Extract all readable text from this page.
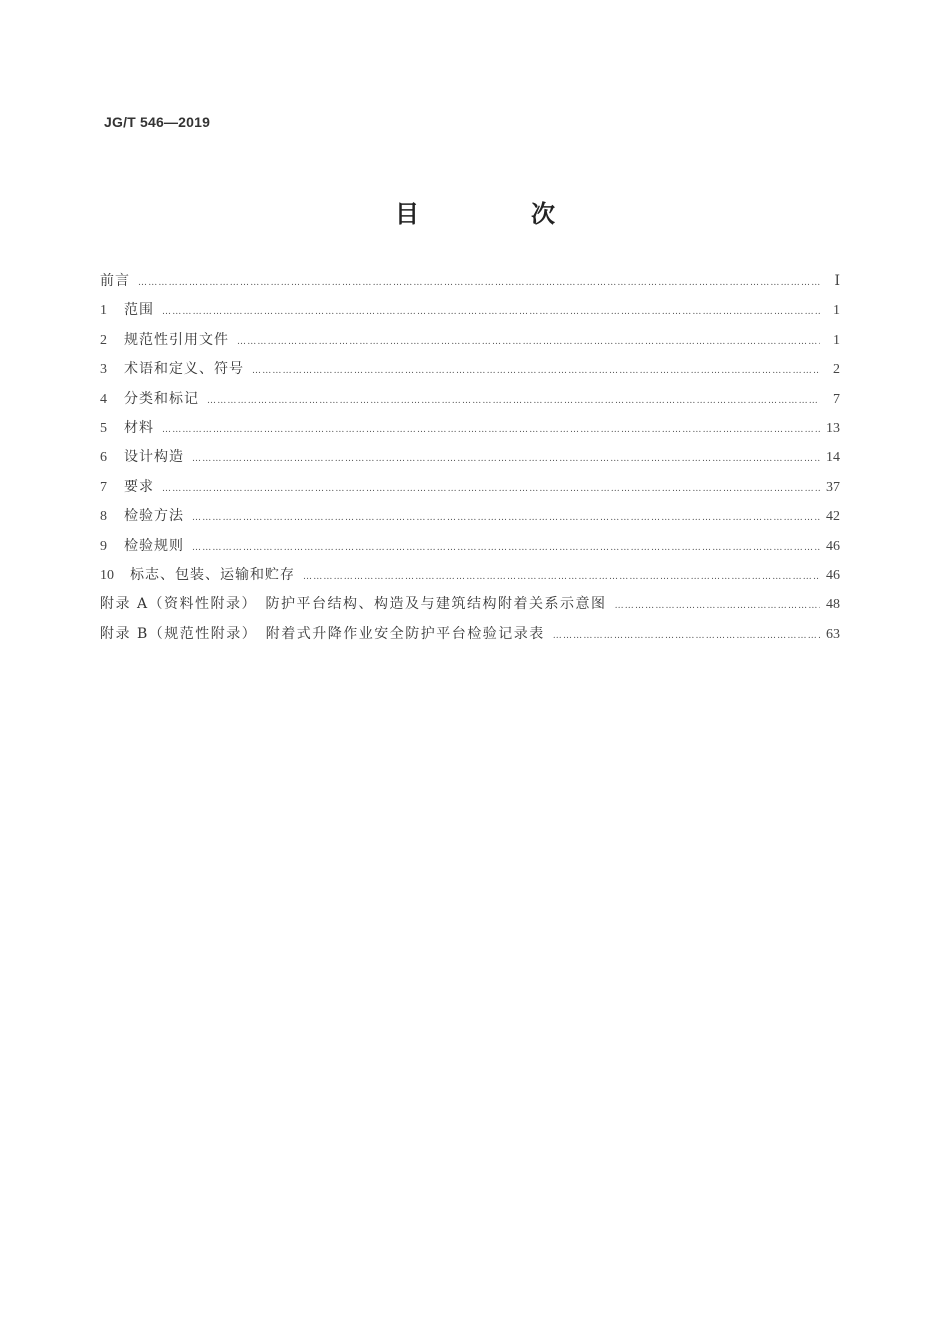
JG/T 546—2019
目　次
前言 ……………………………………………………………………………………………………………………………………………………………………………………………………………………………………………………………………………	Ⅰ
1	范围 ……………………………………………………………………………………………………………………………………………………………………………………………………………………………………………………………………………	1
2	规范性引用文件 ……………………………………………………………………………………………………………………………………………………………………………………………………………………………………………………………………………	1
3	术语和定义、符号 ……………………………………………………………………………………………………………………………………………………………………………………………………………………………………………………………………………	2
4	分类和标记 ……………………………………………………………………………………………………………………………………………………………………………………………………………………………………………………………………………	7
5	材料 ……………………………………………………………………………………………………………………………………………………………………………………………………………………………………………………………………………	13
6	设计构造 ……………………………………………………………………………………………………………………………………………………………………………………………………………………………………………………………………………	14
7	要求 ……………………………………………………………………………………………………………………………………………………………………………………………………………………………………………………………………………	37
8	检验方法 ……………………………………………………………………………………………………………………………………………………………………………………………………………………………………………………………………………	42
9	检验规则 ……………………………………………………………………………………………………………………………………………………………………………………………………………………………………………………………………………	46
10	标志、包装、运输和贮存 ……………………………………………………………………………………………………………………………………………………………………………………………………………………………………………………………………………	46
附录 A（资料性附录）　防护平台结构、构造及与建筑结构附着关系示意图 ……………………………………………………………………………………………………………………………………………………………………………………………………………………………………………………………………………	48
附录 B（规范性附录）　附着式升降作业安全防护平台检验记录表 ……………………………………………………………………………………………………………………………………………………………………………………………………………………………………………………………………………	63
